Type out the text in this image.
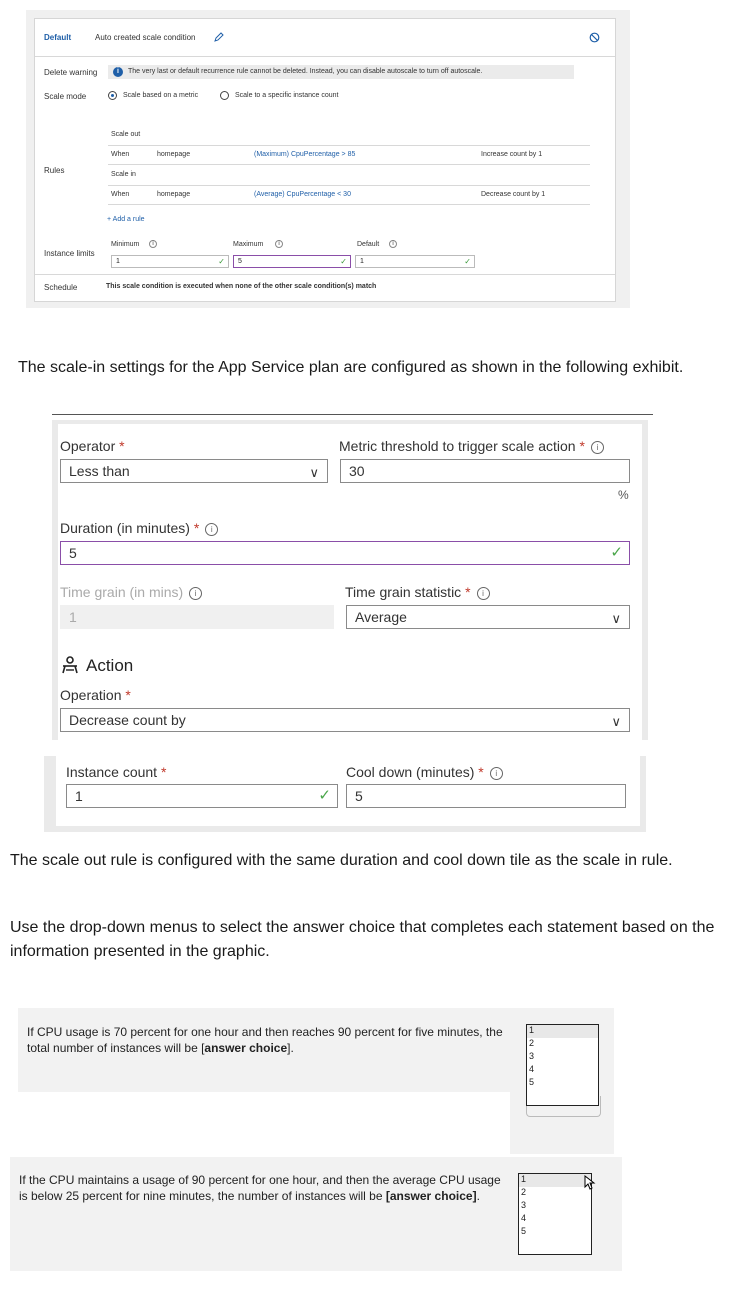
Default	Auto created scale condition
Delete warning	i	The very last or default recurrence rule cannot be deleted. Instead, you can disable autoscale to turn off autoscale.
Scale mode	Scale based on a metric	Scale to a specific instance count
Scale out
When	homepage	(Maximum) CpuPercentage > 85	Increase count by 1
Rules	Scale in
When	homepage	(Average) CpuPercentage < 30	Decrease count by 1
+ Add a rule
Minimum	i	Maximum	i	Default	i
Instance limits
1	✓	5	✓	1	✓
Schedule	This scale condition is executed when none of the other scale condition(s) match
The scale-in settings for the App Service plan are configured as shown in the following exhibit.
Operator *
Less than	∨
Metric threshold to trigger scale action * i
30
%
Duration (in minutes) * i
5	✓
Time grain (in mins) i
1
Time grain statistic * i
Average	∨
Action
Operation *
Decrease count by	∨
Instance count *
1	✓
Cool down (minutes) * i
5
The scale out rule is configured with the same duration and cool down tile as the scale in rule.
Use the drop-down menus to select the answer choice that completes each statement based on the information presented in the graphic.
If CPU usage is 70 percent for one hour and then reaches 90 percent for five minutes, the total number of instances will be [answer choice].
1
2
3
4
5
If the CPU maintains a usage of 90 percent for one hour, and then the average CPU usage is below 25 percent for nine minutes, the number of instances will be [answer choice].
1
2
3
4
5
